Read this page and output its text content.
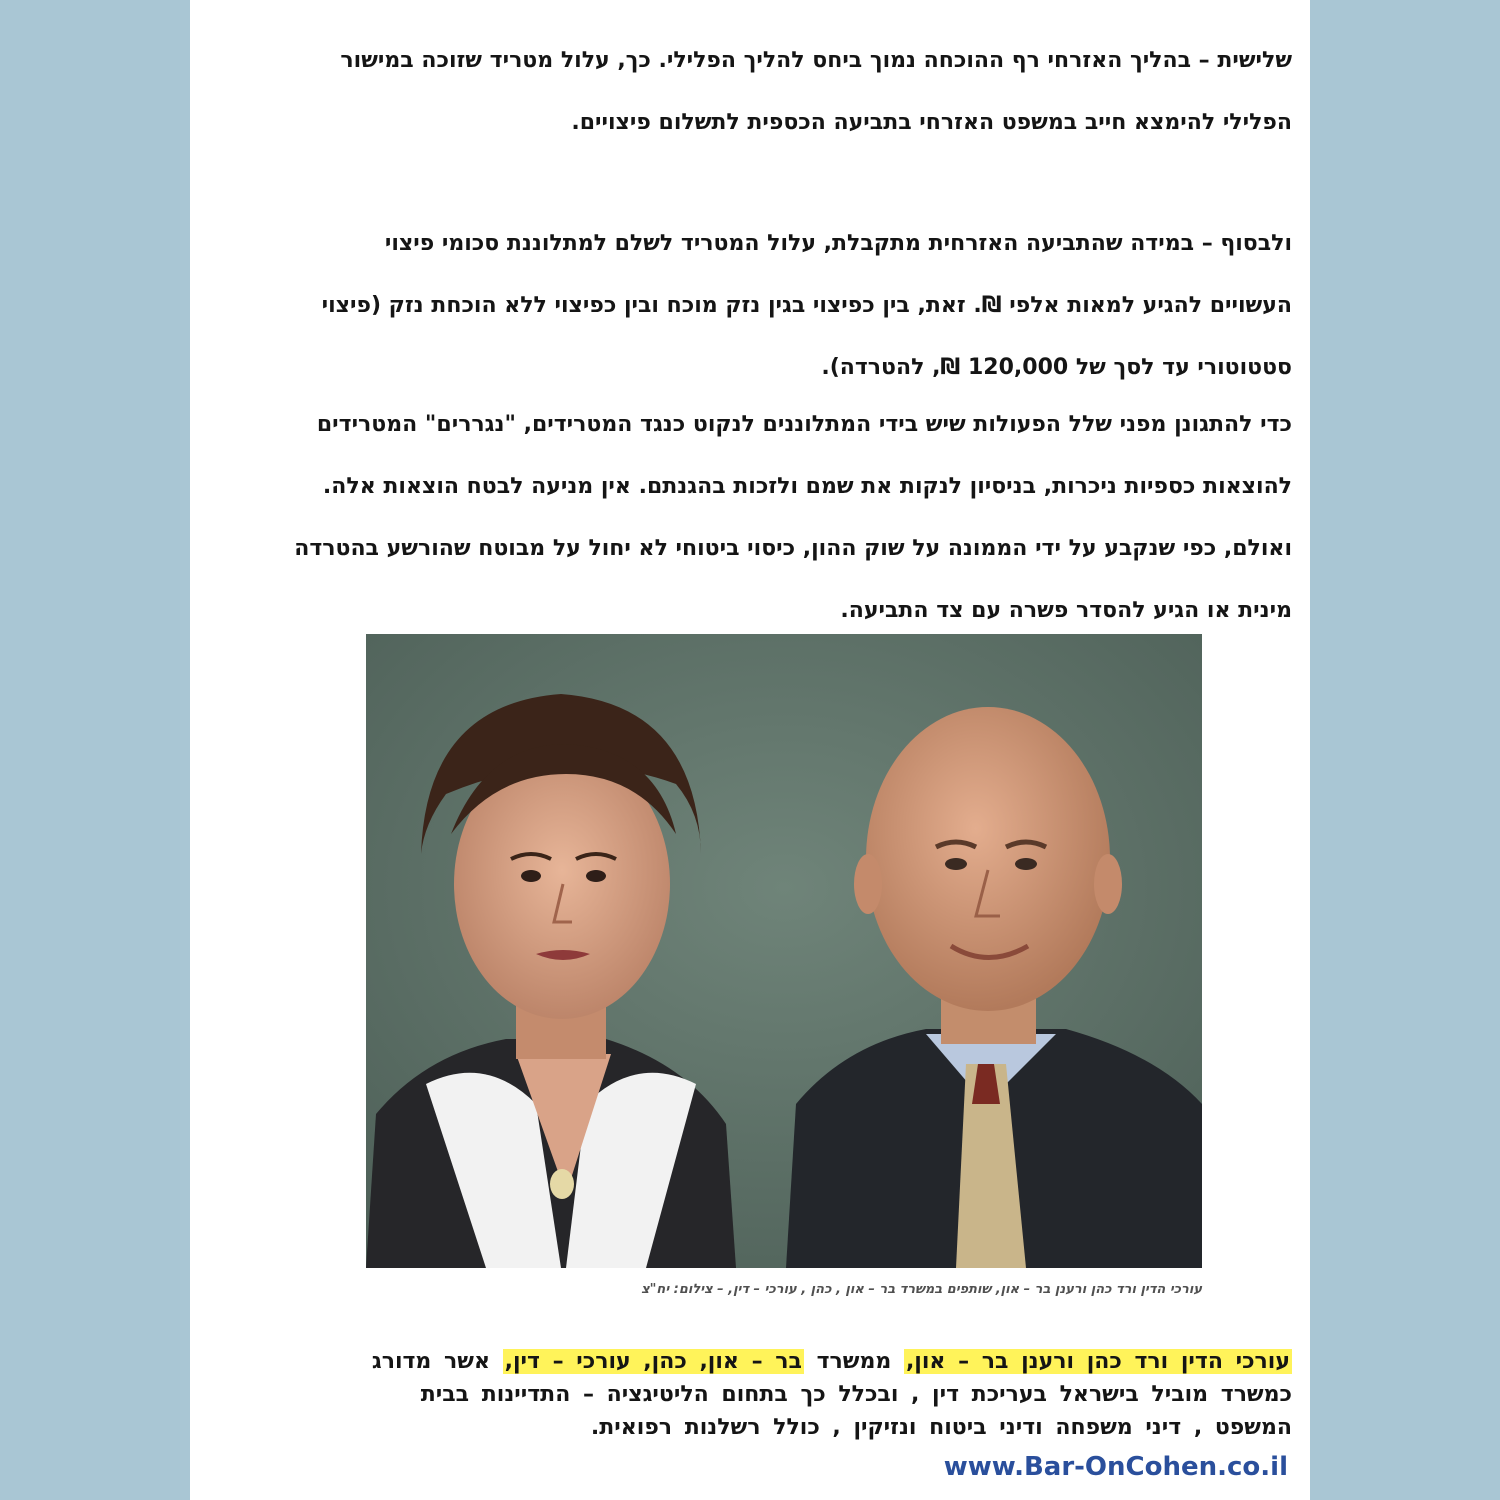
שלישית – בהליך האזרחי רף ההוכחה נמוך ביחס להליך הפלילי. כך, עלול מטריד שזוכה במישור
הפלילי להימצא חייב במשפט האזרחי בתביעה הכספית לתשלום פיצויים.

ולבסוף – במידה שהתביעה האזרחית מתקבלת, עלול המטריד לשלם למתלוננת סכומי פיצוי
העשויים להגיע למאות אלפי ₪. זאת, בין כפיצוי בגין נזק מוכח ובין כפיצוי ללא הוכחת נזק (פיצוי
סטטוטורי עד לסך של 120,000 ₪, להטרדה).

כדי להתגונן מפני שלל הפעולות שיש בידי המתלוננים לנקוט כנגד המטרידים, "נגררים" המטרידים
להוצאות כספיות ניכרות, בניסיון לנקות את שמם ולזכות בהגנתם. אין מניעה לבטח הוצאות אלה.
ואולם, כפי שנקבע על ידי הממונה על שוק ההון, כיסוי ביטוחי לא יחול על מבוטח שהורשע בהטרדה
מינית או הגיע להסדר פשרה עם צד התביעה.

עורכי הדין ורד כהן ורענן בר – און, שותפים במשרד בר – און , כהן , עורכי – דין, – צילום: יח"צ
עורכי הדין ורד כהן ורענן בר – און, ממשרד בר – און, כהן, עורכי – דין, אשר מדורג
כמשרד מוביל בישראל בעריכת דין , ובכלל כך בתחום הליטיגציה – התדיינות בבית
המשפט , דיני משפחה ודיני ביטוח ונזיקין , כולל רשלנות רפואית.
www.Bar-OnCohen.co.il
